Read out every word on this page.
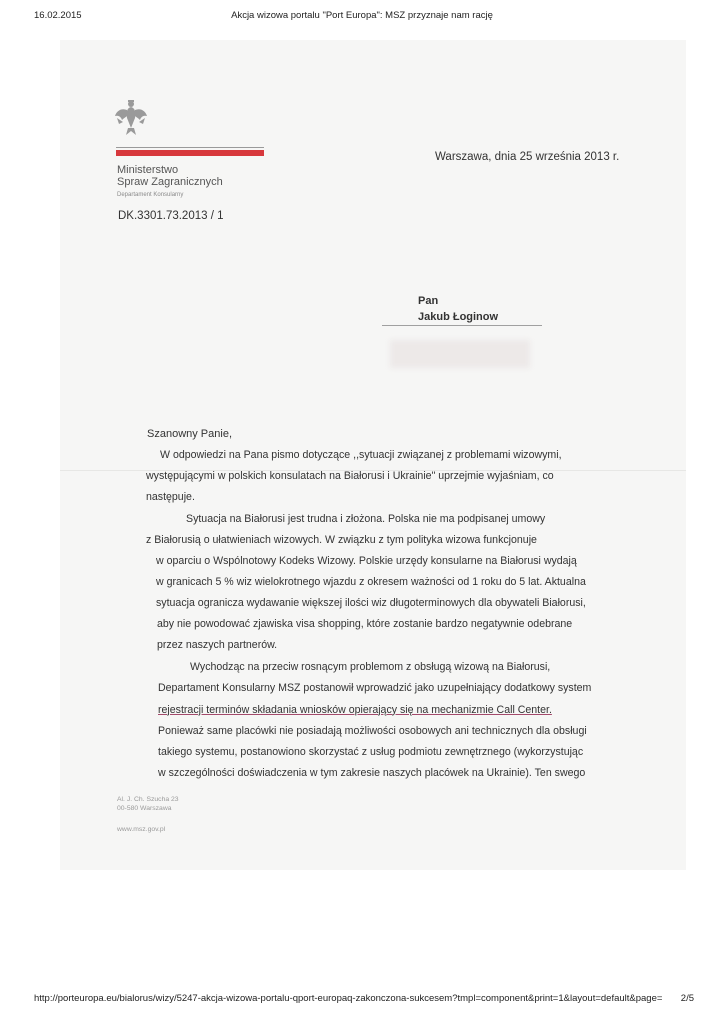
16.02.2015	Akcja wizowa portalu "Port Europa": MSZ przyznaje nam rację
Ministerstwo
Spraw Zagranicznych
Departament Konsularny
DK.3301.73.2013 / 1
Warszawa, dnia 25 września 2013 r.
Pan
Jakub Łoginow
Szanowny Panie,
W odpowiedzi na Pana pismo dotyczące ,,sytuacji związanej z problemami wizowymi,
występującymi w polskich konsulatach na Białorusi i Ukrainie" uprzejmie wyjaśniam, co
następuje.
Sytuacja na Białorusi jest trudna i złożona. Polska nie ma podpisanej umowy
z Białorusią o ułatwieniach wizowych. W związku z tym polityka wizowa funkcjonuje
w oparciu o Wspólnotowy Kodeks Wizowy. Polskie urzędy konsularne na Białorusi wydają
w granicach 5 % wiz wielokrotnego wjazdu z okresem ważności od 1 roku do 5 lat. Aktualna
sytuacja ogranicza wydawanie większej ilości wiz długoterminowych dla obywateli Białorusi,
aby nie powodować zjawiska visa shopping, które zostanie bardzo negatywnie odebrane
przez naszych partnerów.
Wychodząc na przeciw rosnącym problemom z obsługą wizową na Białorusi,
Departament Konsularny MSZ postanowił wprowadzić jako uzupełniający dodatkowy system
rejestracji terminów składania wniosków opierający się na mechanizmie Call Center.
Ponieważ same placówki nie posiadają możliwości osobowych ani technicznych dla obsługi
takiego systemu, postanowiono skorzystać z usług podmiotu zewnętrznego (wykorzystując
w szczególności doświadczenia w tym zakresie naszych placówek na Ukrainie). Ten swego
Al. J. Ch. Szucha 23
00-580 Warszawa
www.msz.gov.pl
http://porteuropa.eu/bialorus/wizy/5247-akcja-wizowa-portalu-qport-europaq-zakonczona-sukcesem?tmpl=component&print=1&layout=default&page= 2/5
